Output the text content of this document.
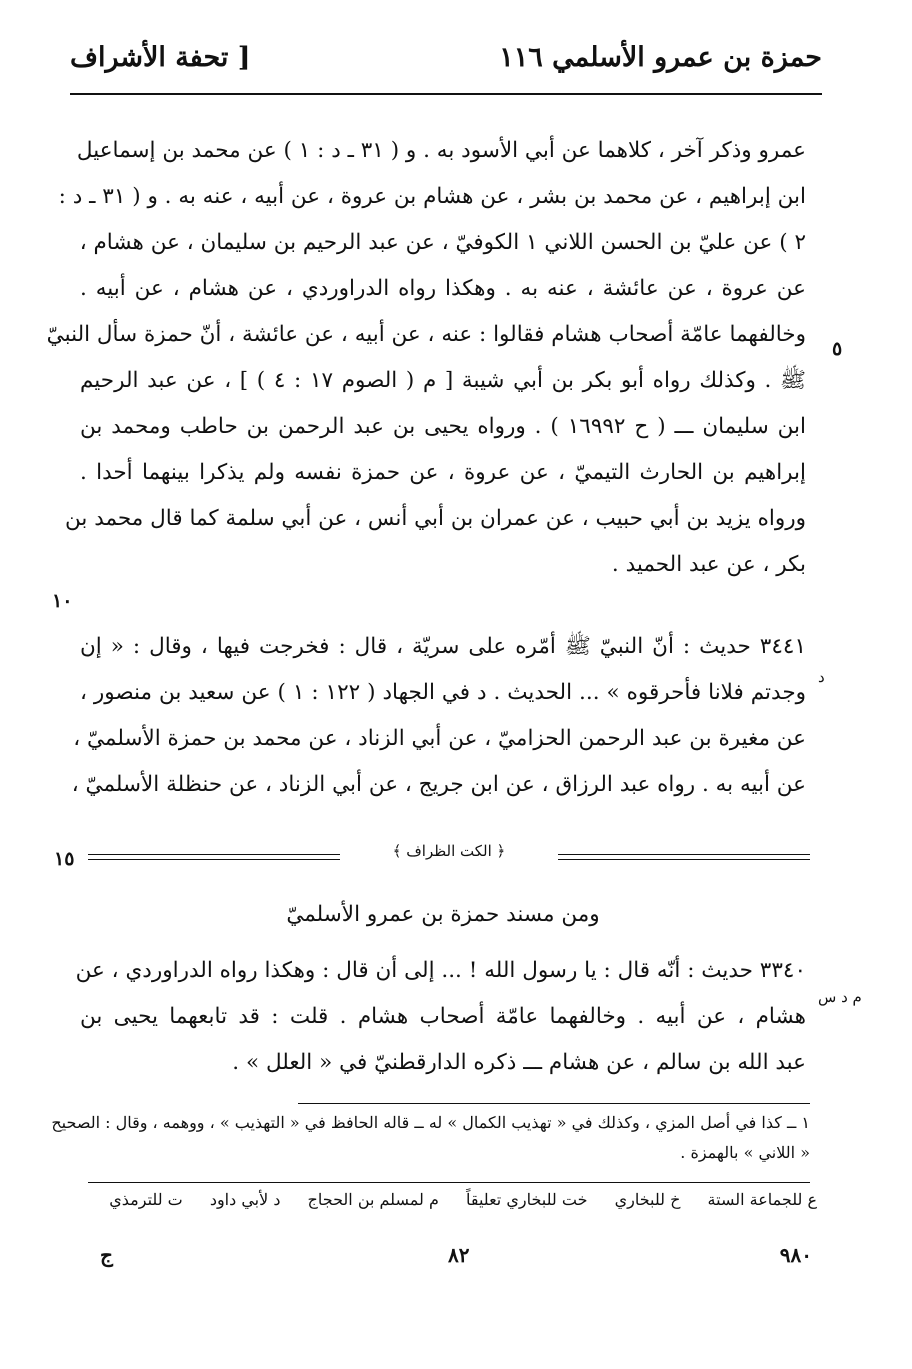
حمزة بن عمرو الأسلمي ١١٦
[ تحفة الأشراف
عمرو وذكر آخر ، كلاهما عن أبي الأسود به . و ( ٣١ ـ د : ١ ) عن محمد بن إسماعيل
ابن إبراهيم ، عن محمد بن بشر ، عن هشام بن عروة ، عن أبيه ، عنه به . و ( ٣١ ـ د :
٢ ) عن عليّ بن الحسن اللاني ١ الكوفيّ ، عن عبد الرحيم بن سليمان ، عن هشام ،
عن عروة ، عن عائشة ، عنه به . وهكذا رواه الدراوردي ، عن هشام ، عن أبيه .
وخالفهما عامّة أصحاب هشام فقالوا : عنه ، عن أبيه ، عن عائشة ، أنّ حمزة سأل النبيّ
ﷺ . وكذلك رواه أبو بكر بن أبي شيبة [ م ( الصوم ١٧ : ٤ ) ] ، عن عبد الرحيم
ابن سليمان ـــ ( ح ١٦٩٩٢ ) . ورواه يحيى بن عبد الرحمن بن حاطب ومحمد بن
إبراهيم بن الحارث التيميّ ، عن عروة ، عن حمزة نفسه ولم يذكرا بينهما أحدا .
ورواه يزيد بن أبي حبيب ، عن عمران بن أبي أنس ، عن أبي سلمة كما قال محمد بن
بكر ، عن عبد الحميد .
٥
١٠
٣٤٤١ حديث : أنّ النبيّ ﷺ أمّره على سريّة ، قال : فخرجت فيها ، وقال : « إن
وجدتم فلانا فأحرقوه » ... الحديث . د في الجهاد ( ١٢٢ : ١ ) عن سعيد بن منصور ،
عن مغيرة بن عبد الرحمن الحزاميّ ، عن أبي الزناد ، عن محمد بن حمزة الأسلميّ ،
عن أبيه به . رواه عبد الرزاق ، عن ابن جريج ، عن أبي الزناد ، عن حنظلة الأسلميّ ،
د
﴿ الكت الظراف ﴾
١٥
ومن مسند حمزة بن عمرو الأسلميّ
٣٣٤٠ حديث : أنّه قال : يا رسول الله ! ... إلى أن قال : وهكذا رواه الدراوردي ، عن
هشام ، عن أبيه . وخالفهما عامّة أصحاب هشام . قلت : قد تابعهما يحيى بن
عبد الله بن سالم ، عن هشام ـــ ذكره الدارقطنيّ في « العلل » .
م د س
١ ــ كذا في أصل المزي ، وكذلك في « تهذيب الكمال » له ــ قاله الحافظ في « التهذيب » ، ووهمه ، وقال : الصحيح
« اللاني » بالهمزة .
ع للجماعة الستة خ للبخاري خت للبخاري تعليقاً م لمسلم بن الحجاج د لأبي داود ت للترمذي
٩٨٠
٨٢
ج
